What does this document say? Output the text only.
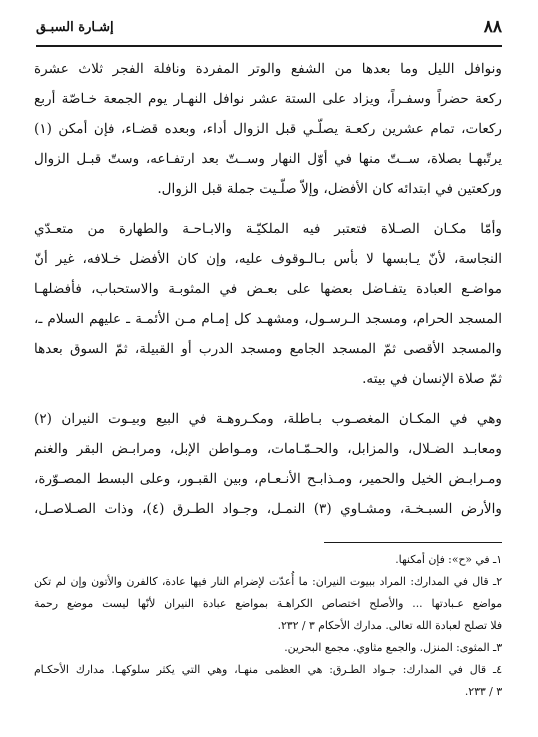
إشـارة السبـق	٨٨
ونوافل الليل وما بعدها من الشفع والوتر المفردة ونافلة الفجر ثلاث عشرة
ركعة حضراً وسفـراً، ويزاد على الستة عشر نوافل النهـار يوم الجمعة خـاصّة أربع
ركعات، تمام عشرين ركعـة يصلّـي قبل الزوال أداء، وبعده قضـاء، فإن أمكن (١)
يرتّبهـا بصلاة، ســتّ منها في أوّل النهار وســتّ بعد ارتفـاعه، وستّ قبـل الزوال
وركعتين في ابتدائه كان الأفضل، وإلاّ صلّـيت جملة قبل الزوال.
وأمّا مكـان الصـلاة فتعتبر فيه الملكيّـة والابـاحـة والطهارة من متعـدّي
النجاسة، لأنّ يـابسها لا بأس بـالـوقوف عليه، وإن كان الأفضل خـلافه، غير أنّ
مواضـع العبادة يتفـاضل بعضها على بعـض في المثوبـة والاستحباب، فأفضلهـا
المسجد الحرام، ومسجد الـرسـول، ومشهـد كل إمـام مـن الأئمـة ـ عليهم السلام ـ،
والمسجد الأقصى ثمّ المسجد الجامع ومسجد الدرب أو القبيلة، ثمّ السوق بعدها
ثمّ صلاة الإنسان في بيته.
وهي في المكـان المغصـوب بـاطلة، ومكـروهـة في البيع وبيـوت النيران (٢)
ومعابـد الضـلال، والمزابل، والحـمّـامات، ومـواطن الإبل، ومرابـض البقر والغنم
ومـرابـض الخيل والحمير، ومـذابـح الأنـعـام، وبين القبـور، وعلى البسط المصـوّرة،
والأرض السبـخـة، ومشـاوي (٣) النمـل، وجـواد الطـرق (٤)، وذات الصـلاصـل،
١ـ في «ح»: فإن أمكنها.
٢ـ قال في المدارك: المراد ببيوت النيران: ما أُعدّت لإضرام النار فيها عادة، كالفرن والأتون وإن لم تكن
مواضع عـبادتها ... والأصلح اختصاص الكراهـة بمواضع عبادة النيران لأنّها ليست موضع رحمة
فلا تصلح لعبادة الله تعالى. مدارك الأحكام ٣ / ٢٣٢.
٣ـ المثوى: المنزل. والجمع مثاوي. مجمع البحرين.
٤ـ قال في المدارك: جـواد الطـرق: هي العظمى منهـا، وهي التي يكثر سلوكهـا. مدارك الأحكـام
٣ / ٢٣٣.
